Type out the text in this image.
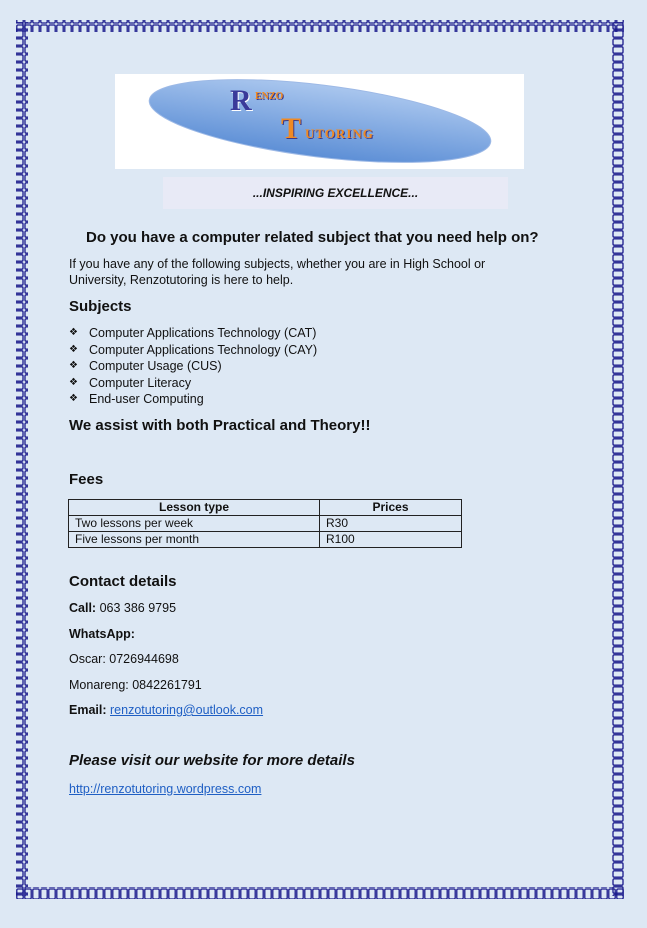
R ENZO
T UTORING
...INSPIRING EXCELLENCE...
Do you have a computer related subject that you need help on?
If you have any of the following subjects, whether you are in High School or University, Renzotutoring is here to help.
Subjects
❖ Computer Applications Technology (CAT)
❖ Computer Applications Technology (CAY)
❖ Computer Usage (CUS)
❖ Computer Literacy
❖ End-user Computing
We assist with both Practical and Theory!!
Fees
Lesson type	Prices
Two lessons per week	R30
Five lessons per month	R100
Contact details
Call: 063 386 9795
WhatsApp:
Oscar: 0726944698
Monareng: 0842261791
Email: renzotutoring@outlook.com
Please visit our website for more details
http://renzotutoring.wordpress.com
